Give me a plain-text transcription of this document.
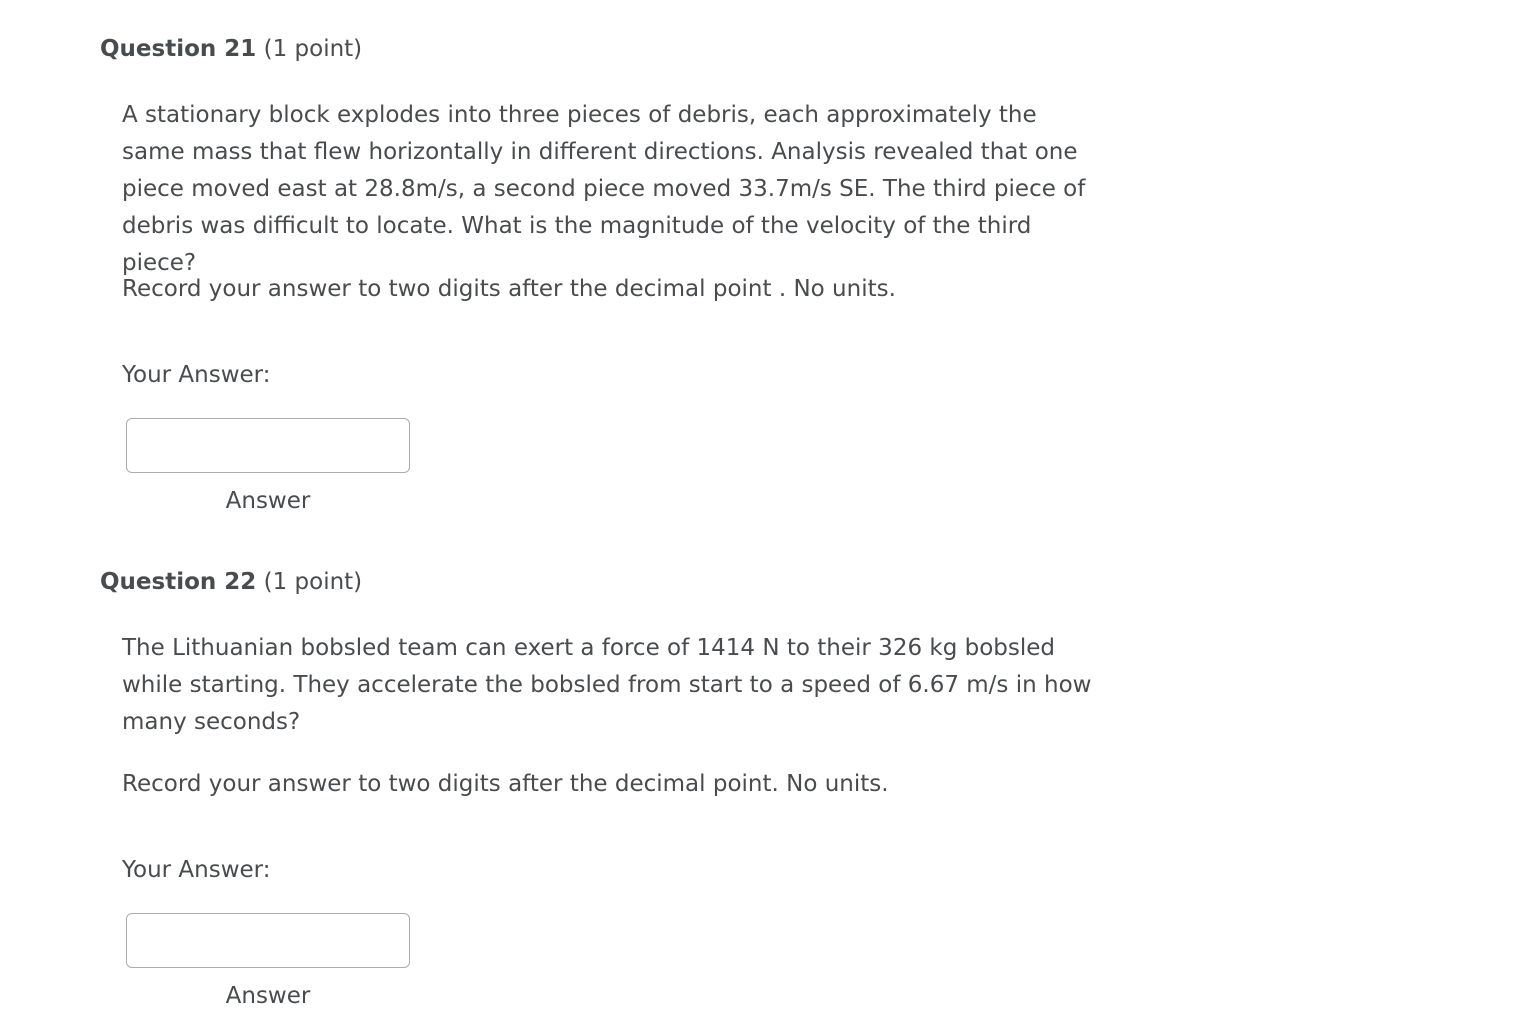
Question 21 (1 point)

A stationary block explodes into three pieces of debris, each approximately the same mass that flew horizontally in different directions. Analysis revealed that one piece moved east at 28.8m/s, a second piece moved 33.7m/s SE. The third piece of debris was difficult to locate. What is the magnitude of the velocity of the third piece?

Record your answer to two digits after the decimal point . No units.

Your Answer:

Answer

Question 22 (1 point)

The Lithuanian bobsled team can exert a force of 1414 N to their 326 kg bobsled while starting. They accelerate the bobsled from start to a speed of 6.67 m/s in how many seconds?

Record your answer to two digits after the decimal point. No units.

Your Answer:

Answer
